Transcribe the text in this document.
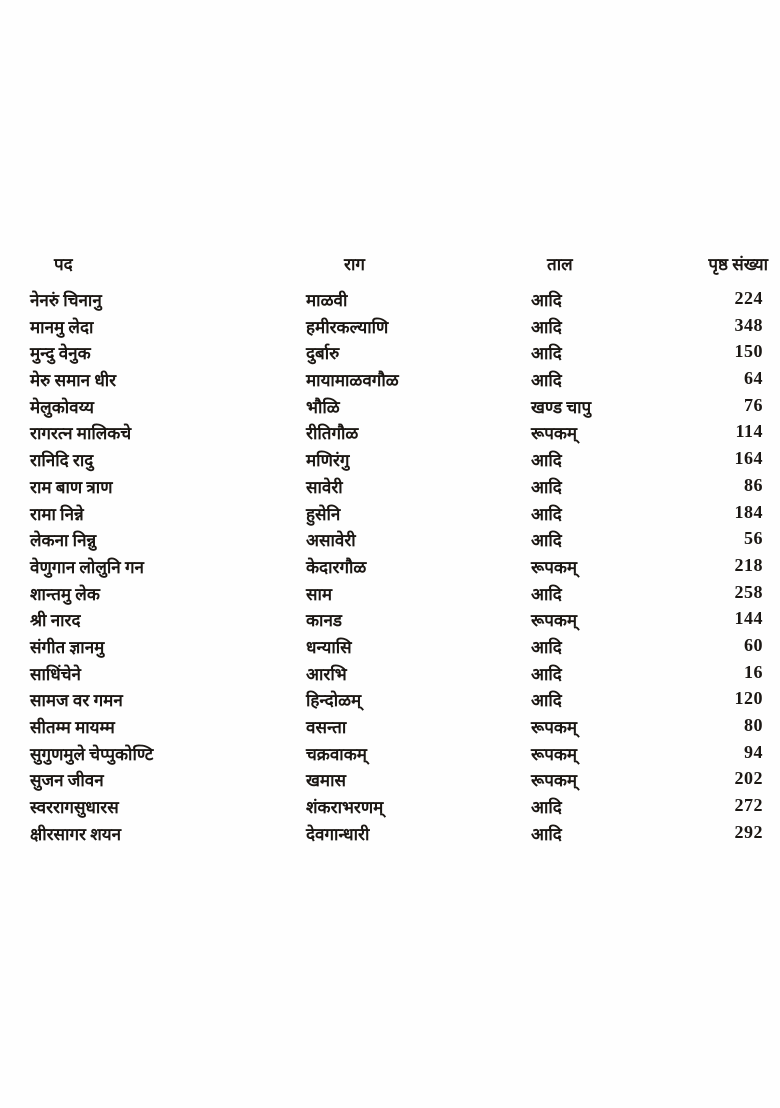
पद	राग	ताल	पृष्ठ संख्या
नेनरुं चिनानु	माळवी	आदि	224
मानमु लेदा	हमीरकल्याणि	आदि	348
मुन्दु वेनुक	दुर्बारु	आदि	150
मेरु समान धीर	मायामाळवगौळ	आदि	64
मेलुकोवय्य	भौळि	खण्ड चापु	76
रागरत्न मालिकचे	रीतिगौळ	रूपकम्	114
रानिदि रादु	मणिरंगु	आदि	164
राम बाण त्राण	सावेरी	आदि	86
रामा निन्ने	हुसेनि	आदि	184
लेकना निन्नु	असावेरी	आदि	56
वेणुगान लोलुनि गन	केदारगौळ	रूपकम्	218
शान्तमु लेक	साम	आदि	258
श्री नारद	कानड	रूपकम्	144
संगीत ज्ञानमु	धन्यासि	आदि	60
साधिंचेने	आरभि	आदि	16
सामज वर गमन	हिन्दोळम्	आदि	120
सीतम्म मायम्म	वसन्ता	रूपकम्	80
सुगुणमुले चेप्पुकोण्टि	चक्रवाकम्	रूपकम्	94
सुजन जीवन	खमास	रूपकम्	202
स्वररागसुधारस	शंकराभरणम्	आदि	272
क्षीरसागर शयन	देवगान्धारी	आदि	292
